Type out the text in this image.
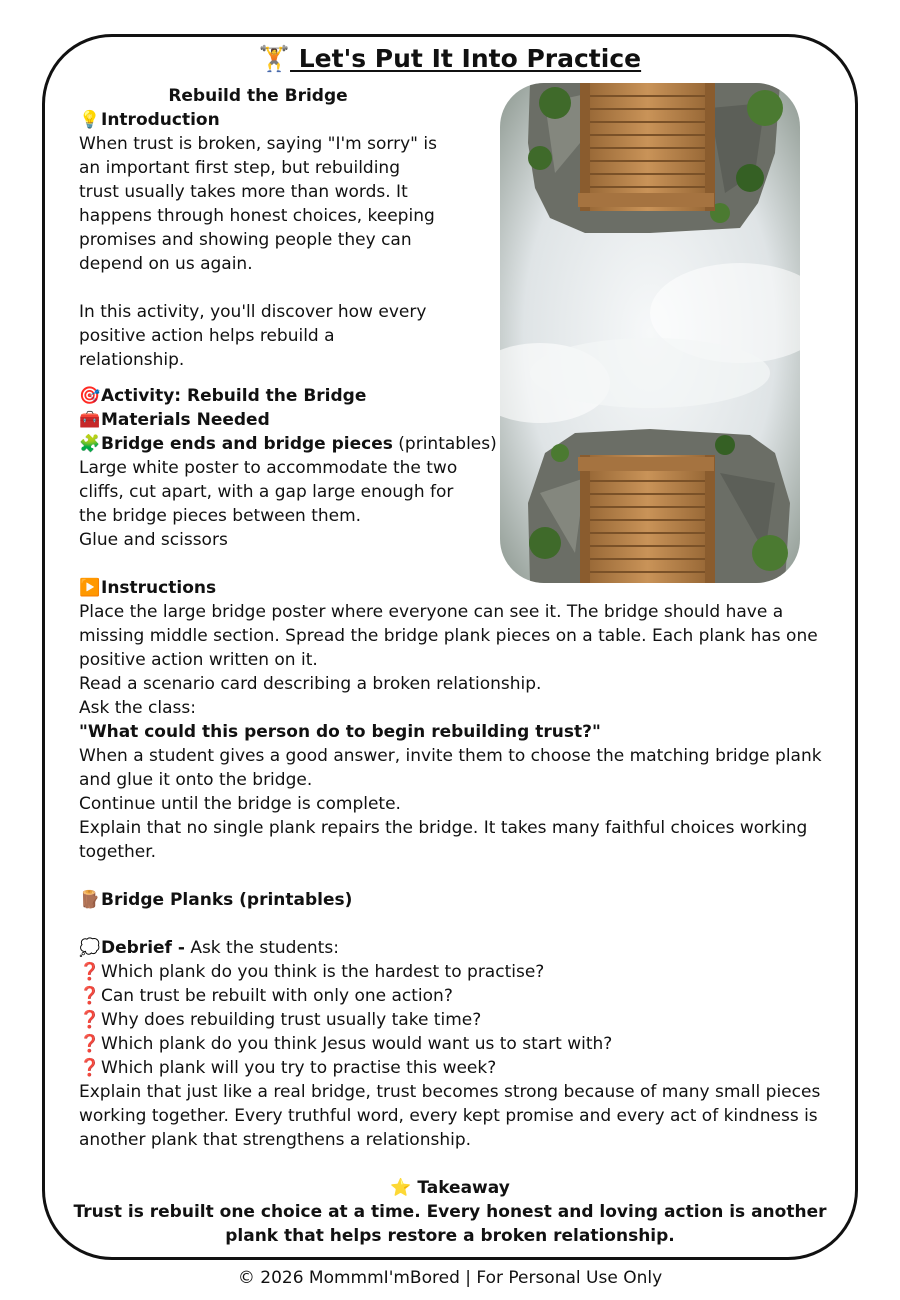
🏋️ Let's Put It Into Practice
Rebuild the Bridge
💡Introduction
When trust is broken, saying "I'm sorry" is
an important first step, but rebuilding
trust usually takes more than words. It
happens through honest choices, keeping
promises and showing people they can
depend on us again.
In this activity, you'll discover how every
positive action helps rebuild a
relationship.
🎯Activity: Rebuild the Bridge
🧰Materials Needed
🧩Bridge ends and bridge pieces (printables)
Large white poster to accommodate the two
cliffs, cut apart, with a gap large enough for
the bridge pieces between them.
Glue and scissors
▶️Instructions
Place the large bridge poster where everyone can see it. The bridge should have a
missing middle section. Spread the bridge plank pieces on a table. Each plank has one
positive action written on it.
Read a scenario card describing a broken relationship.
Ask the class:
"What could this person do to begin rebuilding trust?"
When a student gives a good answer, invite them to choose the matching bridge plank
and glue it onto the bridge.
Continue until the bridge is complete.
Explain that no single plank repairs the bridge. It takes many faithful choices working
together.
🪵Bridge Planks (printables)
💭Debrief - Ask the students:
❓Which plank do you think is the hardest to practise?
❓Can trust be rebuilt with only one action?
❓Why does rebuilding trust usually take time?
❓Which plank do you think Jesus would want us to start with?
❓Which plank will you try to practise this week?
Explain that just like a real bridge, trust becomes strong because of many small pieces
working together. Every truthful word, every kept promise and every act of kindness is
another plank that strengthens a relationship.
⭐ Takeaway
Trust is rebuilt one choice at a time. Every honest and loving action is another
plank that helps restore a broken relationship.
© 2026 MommmI'mBored | For Personal Use Only
